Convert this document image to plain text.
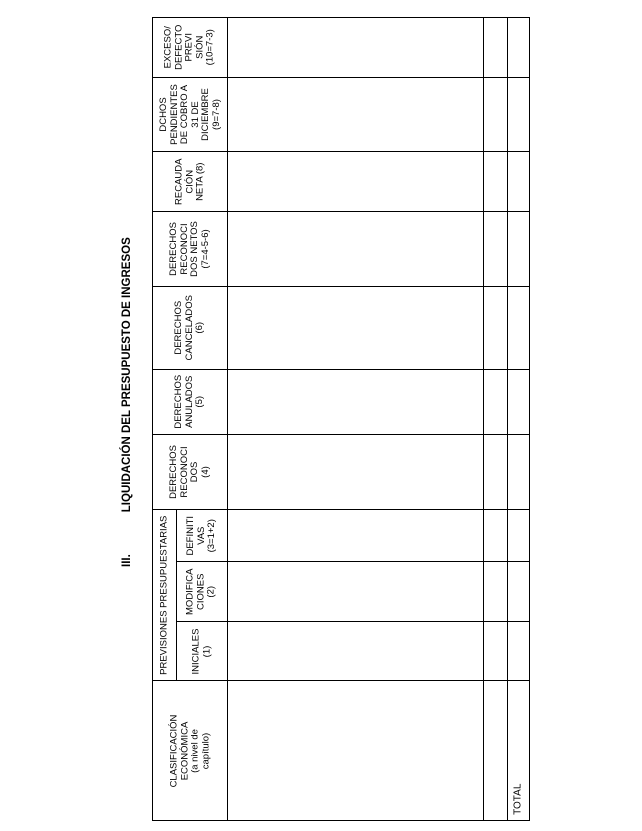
III.LIQUIDACIÓN DEL PRESUPUESTO DE INGRESOS
CLASIFICACIÓN
ECONÓMICA
(a nivel de
capítulo)
PREVISIONES PRESUPUESTARIAS INICIALES
(1)
MODIFICA
CIONES
(2)
DEFINITI
VAS
(3=1+2)
DERECHOS
RECONOCI
DOS
(4)
DERECHOS
ANULADOS
(5)
DERECHOS
CANCELADOS
(6)
DERECHOS
RECONOCI
DOS NETOS
(7=4-5-6)
RECAUDA
CIÓN
NETA (8)
DCHOS
PENDIENTES
DE COBRO A
31 DE
DICIEMBRE
(9=7-8)
EXCESO/
DEFECTO
PREVI
SIÓN
(10=7-3)
TOTAL
